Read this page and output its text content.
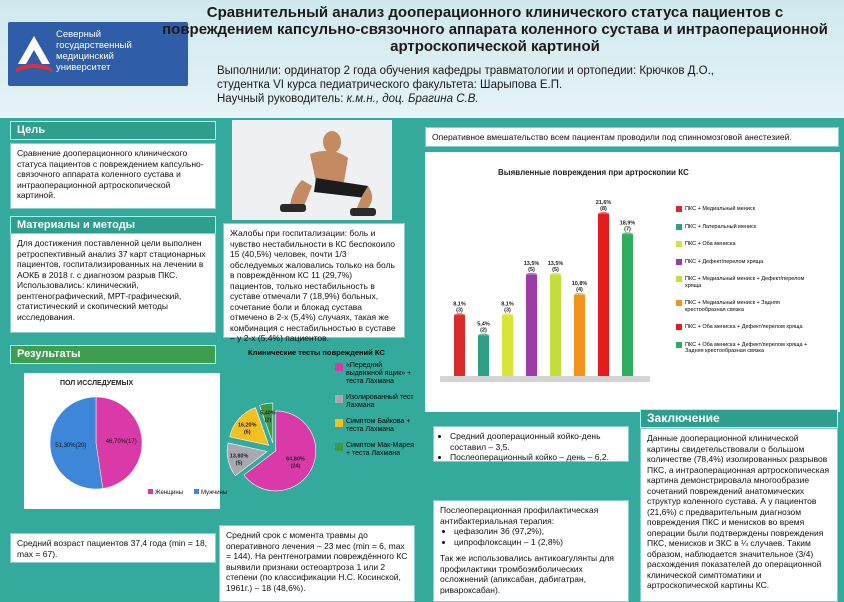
Северный
государственный
медицинский
университет
Сравнительный анализ дооперационного клинического статуса пациентов с повреждением капсульно-связочного аппарата коленного сустава и интраоперационной артроскопической картиной
Выполнили: ординатор 2 года обучения кафедры травматологии и ортопедии: Крючков Д.О.,
студентка VI курса педиатрического факультета: Шарыпова Е.П.
Научный руководитель: к.м.н., доц. Брагина С.В.
Цель
Сравнение дооперационного клинического статуса пациентов с повреждением капсульно-связочного аппарата коленного сустава и интраоперационной артроскопической картиной.
Материалы и методы
Для достижения поставленной цели выполнен ретроспективный анализ 37 карт стационарных пациентов, госпитализированных на лечении в АОКБ в 2018 г. с диагнозом разрыв ПКС. Использовались: клинический, рентгенографический, МРТ-графический, статистический и скопический методы исследования.
Результаты
ПОЛ ИССЛЕДУЕМЫХ
46,70%(17)
51,30%(20)
Женщины	Мужчины
Средний возраст пациентов 37,4 года (min = 18, max = 67).
Жалобы при госпитализации: боль и чувство нестабильности в КС беспокоило 15 (40,5%) человек, почти 1/3 обследуемых жаловались только на боль в повреждённом КС 11 (29,7%) пациентов, только нестабильность в суставе отмечали 7 (18,9%) больных, сочетание боли и блокад сустава отмечено в 2-х (5,4%) случаях, такая же комбинация с нестабильностью в суставе – у 2-х (5,4%) пациентов.
Клинические тесты повреждений КС
64,80% (24)
13,80% (5)
16,20% (6)
5,40% (2)
«Передний выдвижной ящик» + теста Лахмана
Изолированный тест Лахмана
Симптом Байкова + теста Лахмана
Симптом Мак-Марея + теста Лахмана
Средний срок с момента травмы до оперативного лечения – 23 мес (min = 6, max = 144). На рентгенограмии повреждённого КС выявили признаки остеоартроза 1 или 2 степени (по классификации Н.С. Косинской, 1961г.) – 18 (48,6%).
Оперативное вмешательство всем пациентам проводили под спинномозговой анестезией.
Выявленные повреждения при артроскопии КС
8,1% (3)
5,4% (2)
8,1% (3)
13,5% (5)
13,5% (5)
10,8% (4)
21,6% (8)
18,9% (7)
ПКС + Медиальный мениск
ПКС + Латеральный мениск
ПКС + Оба мениска
ПКС + Дефект/перелом хряща
ПКС + Медиальный мениск + Дефект/перелом хряща
ПКС + Медиальный мениск + Задняя крестообразная связка
ПКС + Оба мениска + Дефект/перелом хряща
ПКС + Оба мениска + Дефект/перелом хряща + Задняя крестообразная связка
• Средний дооперационный койко-день составил – 3,5.
• Послеоперационный койко – день – 6,2.
Послеоперационная профилактическая антибактериальная терапия:
• цефазолин 36 (97,2%),
• ципрофлоксацин – 1 (2,8%)
Так же использовались антикоагулянты для профилактики тромбоэмболических осложнений (апиксабан, дабигатран, ривароксабан).
Заключение
Данные дооперационной клинической картины свидетельствовали о большом количестве (78,4%) изолированных разрывов ПКС, а интраоперационная артроскопическая картина демонстрировала многообразие сочетаний повреждений анатомических структур коленного сустава. А у пациентов (21,6%) с предварительным диагнозом повреждения ПКС и менисков во время операции были подтверждены повреждения ПКС, менисков и ЗКС в ¼ случаев. Таким образом, наблюдается значительное (3/4) расхождения показателей до операционной клинической симптоматики и артроскопической картины КС.
